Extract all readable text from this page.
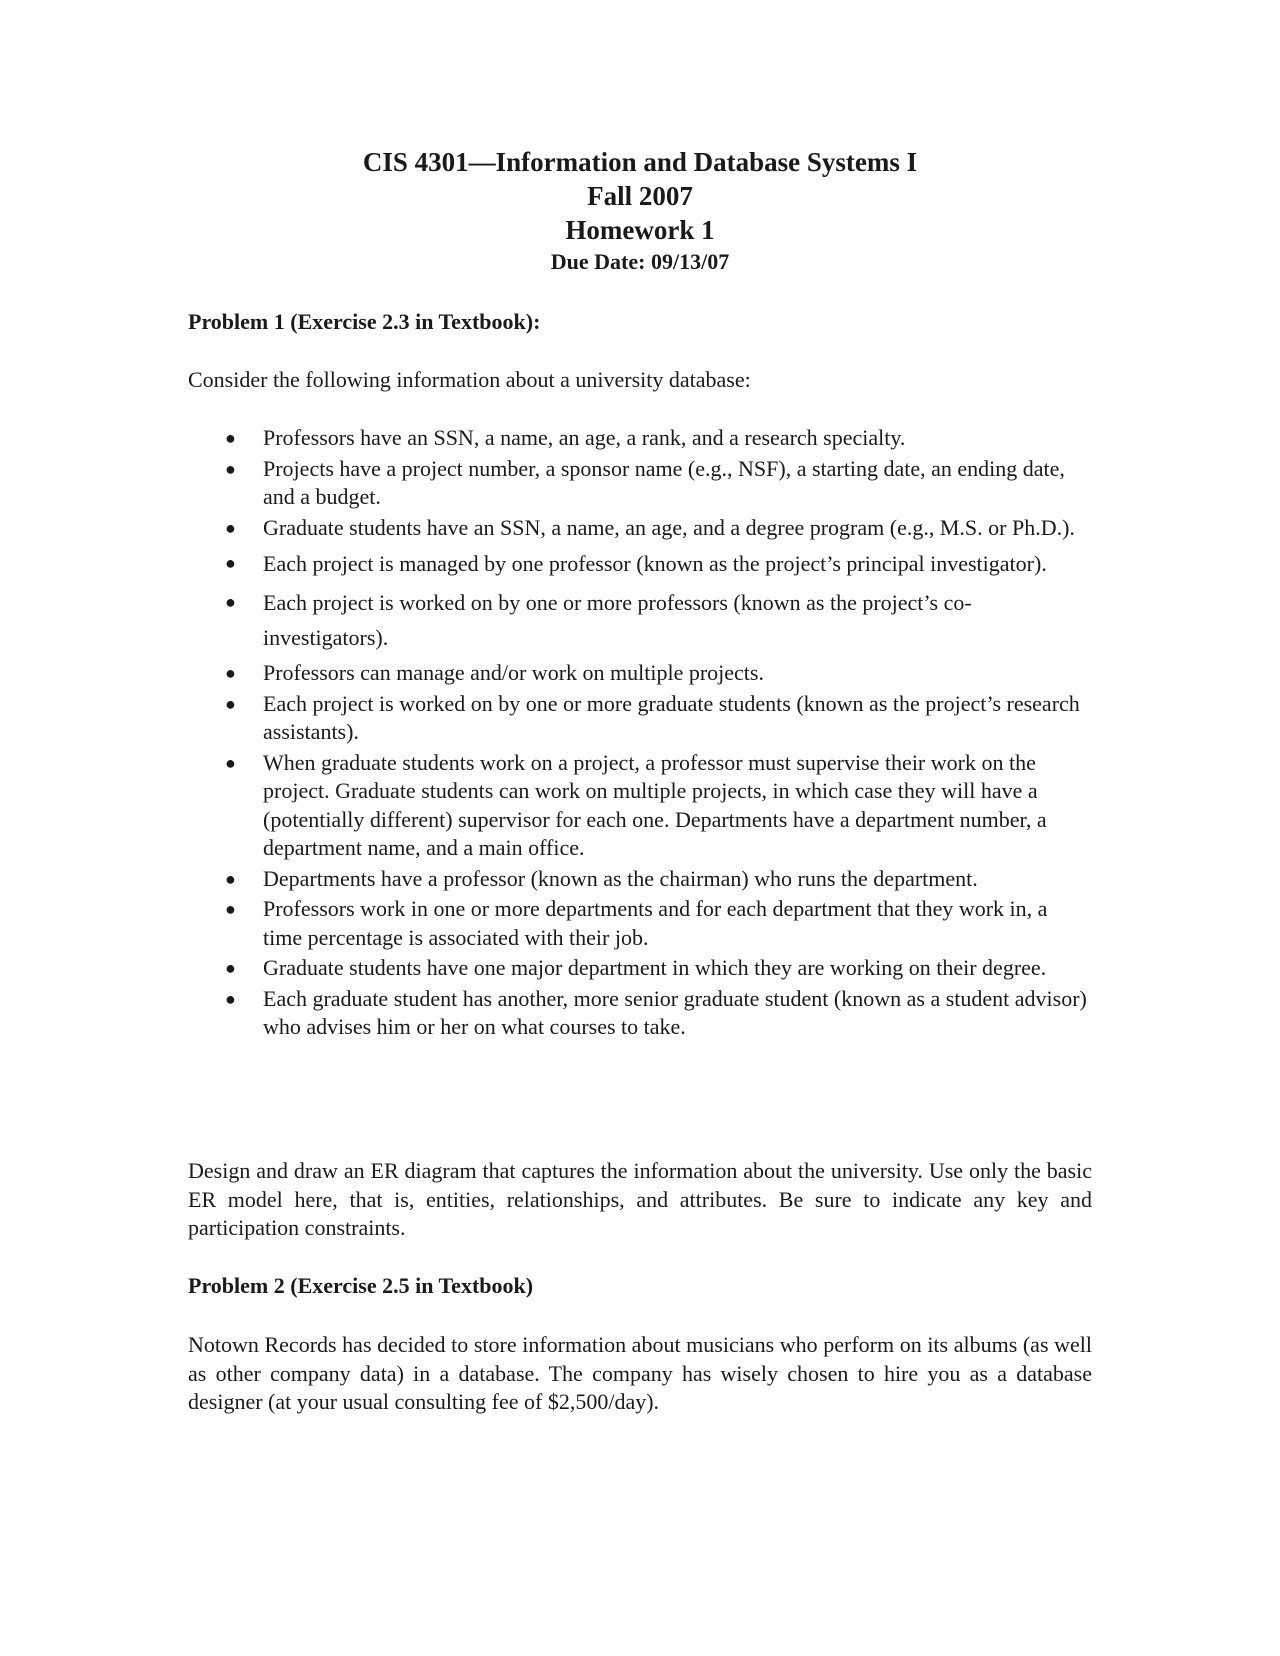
CIS 4301—Information and Database Systems I
Fall 2007
Homework 1
Due Date: 09/13/07
Problem 1 (Exercise 2.3 in Textbook):
Consider the following information about a university database:
● Professors have an SSN, a name, an age, a rank, and a research specialty.
● Projects have a project number, a sponsor name (e.g., NSF), a starting date, an ending date, and a budget.
● Graduate students have an SSN, a name, an age, and a degree program (e.g., M.S. or Ph.D.).
● Each project is managed by one professor (known as the project’s principal investigator).
● Each project is worked on by one or more professors (known as the project’s co-investigators).
● Professors can manage and/or work on multiple projects.
● Each project is worked on by one or more graduate students (known as the project’s research assistants).
● When graduate students work on a project, a professor must supervise their work on the project. Graduate students can work on multiple projects, in which case they will have a (potentially different) supervisor for each one. Departments have a department number, a department name, and a main office.
● Departments have a professor (known as the chairman) who runs the department.
● Professors work in one or more departments and for each department that they work in, a time percentage is associated with their job.
● Graduate students have one major department in which they are working on their degree.
● Each graduate student has another, more senior graduate student (known as a student advisor) who advises him or her on what courses to take.
Design and draw an ER diagram that captures the information about the university. Use only the basic ER model here, that is, entities, relationships, and attributes. Be sure to indicate any key and participation constraints.
Problem 2 (Exercise 2.5 in Textbook)
Notown Records has decided to store information about musicians who perform on its albums (as well as other company data) in a database. The company has wisely chosen to hire you as a database designer (at your usual consulting fee of $2,500/day).
